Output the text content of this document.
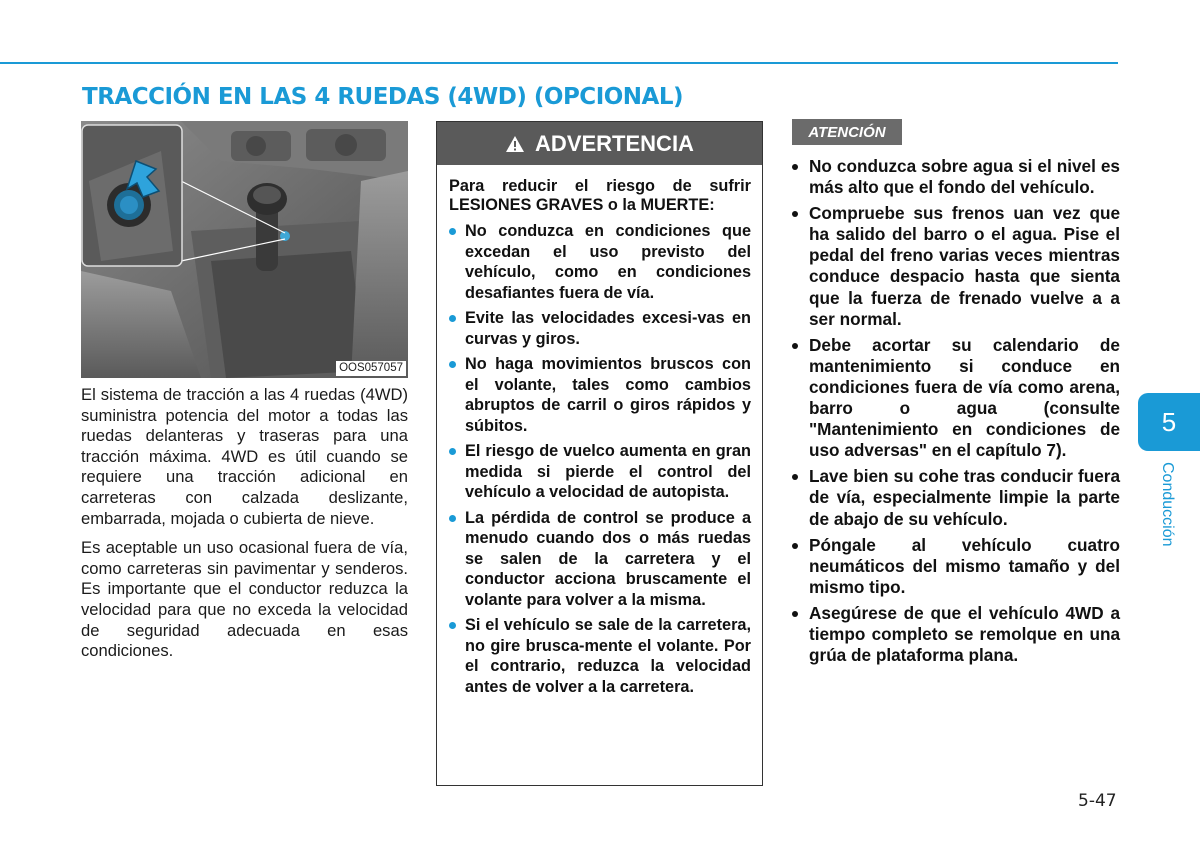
TRACCIÓN EN LAS 4 RUEDAS (4WD) (OPCIONAL)
OOS057057

El sistema de tracción a las 4 ruedas (4WD) suministra potencia del motor a todas las ruedas delanteras y traseras para una tracción máxima. 4WD es útil cuando se requiere una tracción adicional en carreteras con calzada deslizante, embarrada, mojada o cubierta de nieve.

Es aceptable un uso ocasional fuera de vía, como carreteras sin pavimentar y senderos. Es importante que el conductor reduzca la velocidad para que no exceda la velocidad de seguridad adecuada en esas condiciones.

ADVERTENCIA

Para reducir el riesgo de sufrir LESIONES GRAVES o la MUERTE:

No conduzca en condiciones que excedan el uso previsto del vehículo, como en condiciones desafiantes fuera de vía.
Evite las velocidades excesi-vas en curvas y giros.
No haga movimientos bruscos con el volante, tales como cambios abruptos de carril o giros rápidos y súbitos.
El riesgo de vuelco aumenta en gran medida si pierde el control del vehículo a velocidad de autopista.
La pérdida de control se produce a menudo cuando dos o más ruedas se salen de la carretera y el conductor acciona bruscamente el volante para volver a la misma.
Si el vehículo se sale de la carretera, no gire brusca-mente el volante. Por el contrario, reduzca la velocidad antes de volver a la carretera.
ATENCIÓN
No conduzca sobre agua si el nivel es más alto que el fondo del vehículo.
Compruebe sus frenos uan vez que ha salido del barro o el agua. Pise el pedal del freno varias veces mientras conduce despacio hasta que sienta que la fuerza de frenado vuelve a a ser normal.
Debe acortar su calendario de mantenimiento si conduce en condiciones fuera de vía como arena, barro o agua (consulte "Mantenimiento en condiciones de uso adversas" en el capítulo 7).
Lave bien su cohe tras conducir fuera de vía, especialmente limpie la parte de abajo de su vehículo.
Póngale al vehículo cuatro neumáticos del mismo tamaño y del mismo tipo.
Asegúrese de que el vehículo 4WD a tiempo completo se remolque en una grúa de plataforma plana.
5
Conducción
5-47
